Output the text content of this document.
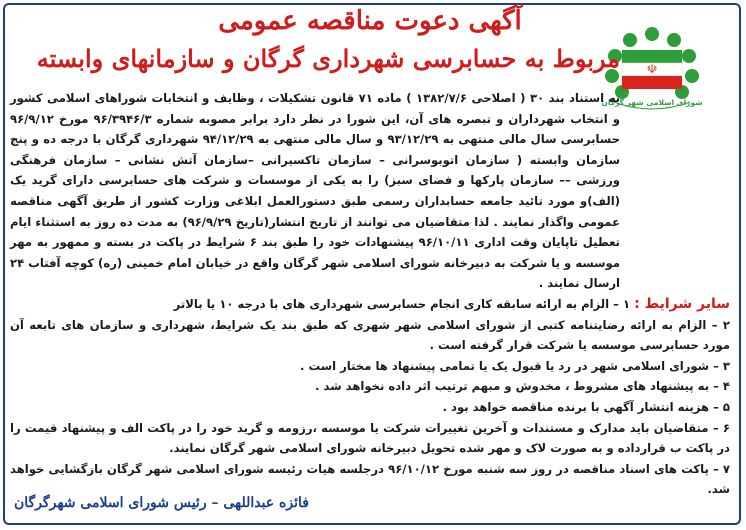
☫
شورای اسلامی شهر گرگان
آگهی دعوت مناقصه عمومی
مربوط به حسابرسی شهرداری گرگان و سازمانهای وابسته

به استناد بند ۳۰ ( اصلاحی ۱۳۸۲/۷/۶ ) ماده ۷۱ قانون تشکیلات ، وظایف و انتخابات شوراهای اسلامی کشور و انتخاب شهرداران و تبصره های آن، این شورا در نظر دارد برابر مصوبه شماره ۹۶/۳۹۴۶/۳ مورخ ۹۶/۹/۱۲ حسابرسی سال مالی منتهی به ۹۳/۱۲/۲۹ و سال مالی منتهی به ۹۴/۱۲/۲۹ شهرداری گرگان با درجه ده و پنج سازمان وابسته ( سازمان اتوبوسرانی – سازمان تاکسیرانی –سازمان آتش نشانی – سازمان فرهنگی ورزشی –– سازمان پارکها و فضای سبز) را به یکی از موسسات و شرکت های حسابرسی دارای گرید یک (الف)و مورد تائید جامعه حسابداران رسمی طبق دستورالعمل ابلاغی وزارت کشور از طریق آگهی مناقصه عمومی واگذار نمایند . لذا متقاضیان می توانند از تاریخ انتشار(تاریخ ۹۶/۹/۲۹) به مدت ده روز به استثناء ایام تعطیل تاپایان وقت اداری ۹۶/۱۰/۱۱ پیشنهادات خود را طبق بند ۶ شرایط در پاکت در بسته و ممهور به مهر موسسه و یا شرکت به دبیرخانه شورای اسلامی شهر گرگان واقع در خیابان امام خمینی (ره) کوچه آفتاب ۲۴ ارسال نمایند .

سایر شرایط : ۱ – الزام به ارائه سابقه کاری انجام حسابرسی شهرداری های با درجه ۱۰ یا بالاتر

۲ – الزام به ارائه رضایتنامه کتبی از شورای اسلامی شهر شهری که طبق بند یک شرایط، شهرداری و سازمان های تابعه آن مورد حسابرسی موسسه یا شرکت قرار گرفته است .

۳ – شورای اسلامی شهر در رد یا قبول یک یا تمامی پیشنهاد ها مختار است .

۴ – به پیشنهاد های مشروط ، مخدوش و مبهم ترتیب اثر داده نخواهد شد .

۵ – هزینه انتشار آگهی با برنده مناقصه خواهد بود .

۶ – متقاضیان باید مدارک و مستندات و آخرین تغییرات شرکت یا موسسه ،رزومه و گرید خود را در پاکت الف و پیشنهاد قیمت را در پاکت ب قرارداده و به صورت لاک و مهر شده تحویل دبیرخانه شورای اسلامی شهر گرگان نمایند.

۷ – پاکت های اسناد مناقصه در روز سه شنبه مورخ ۹۶/۱۰/۱۲ درجلسه هیات رئیسه شورای اسلامی شهر گرگان بازگشایی خواهد شد.

فائزه عبداللهی – رئیس شورای اسلامی شهرگرگان
